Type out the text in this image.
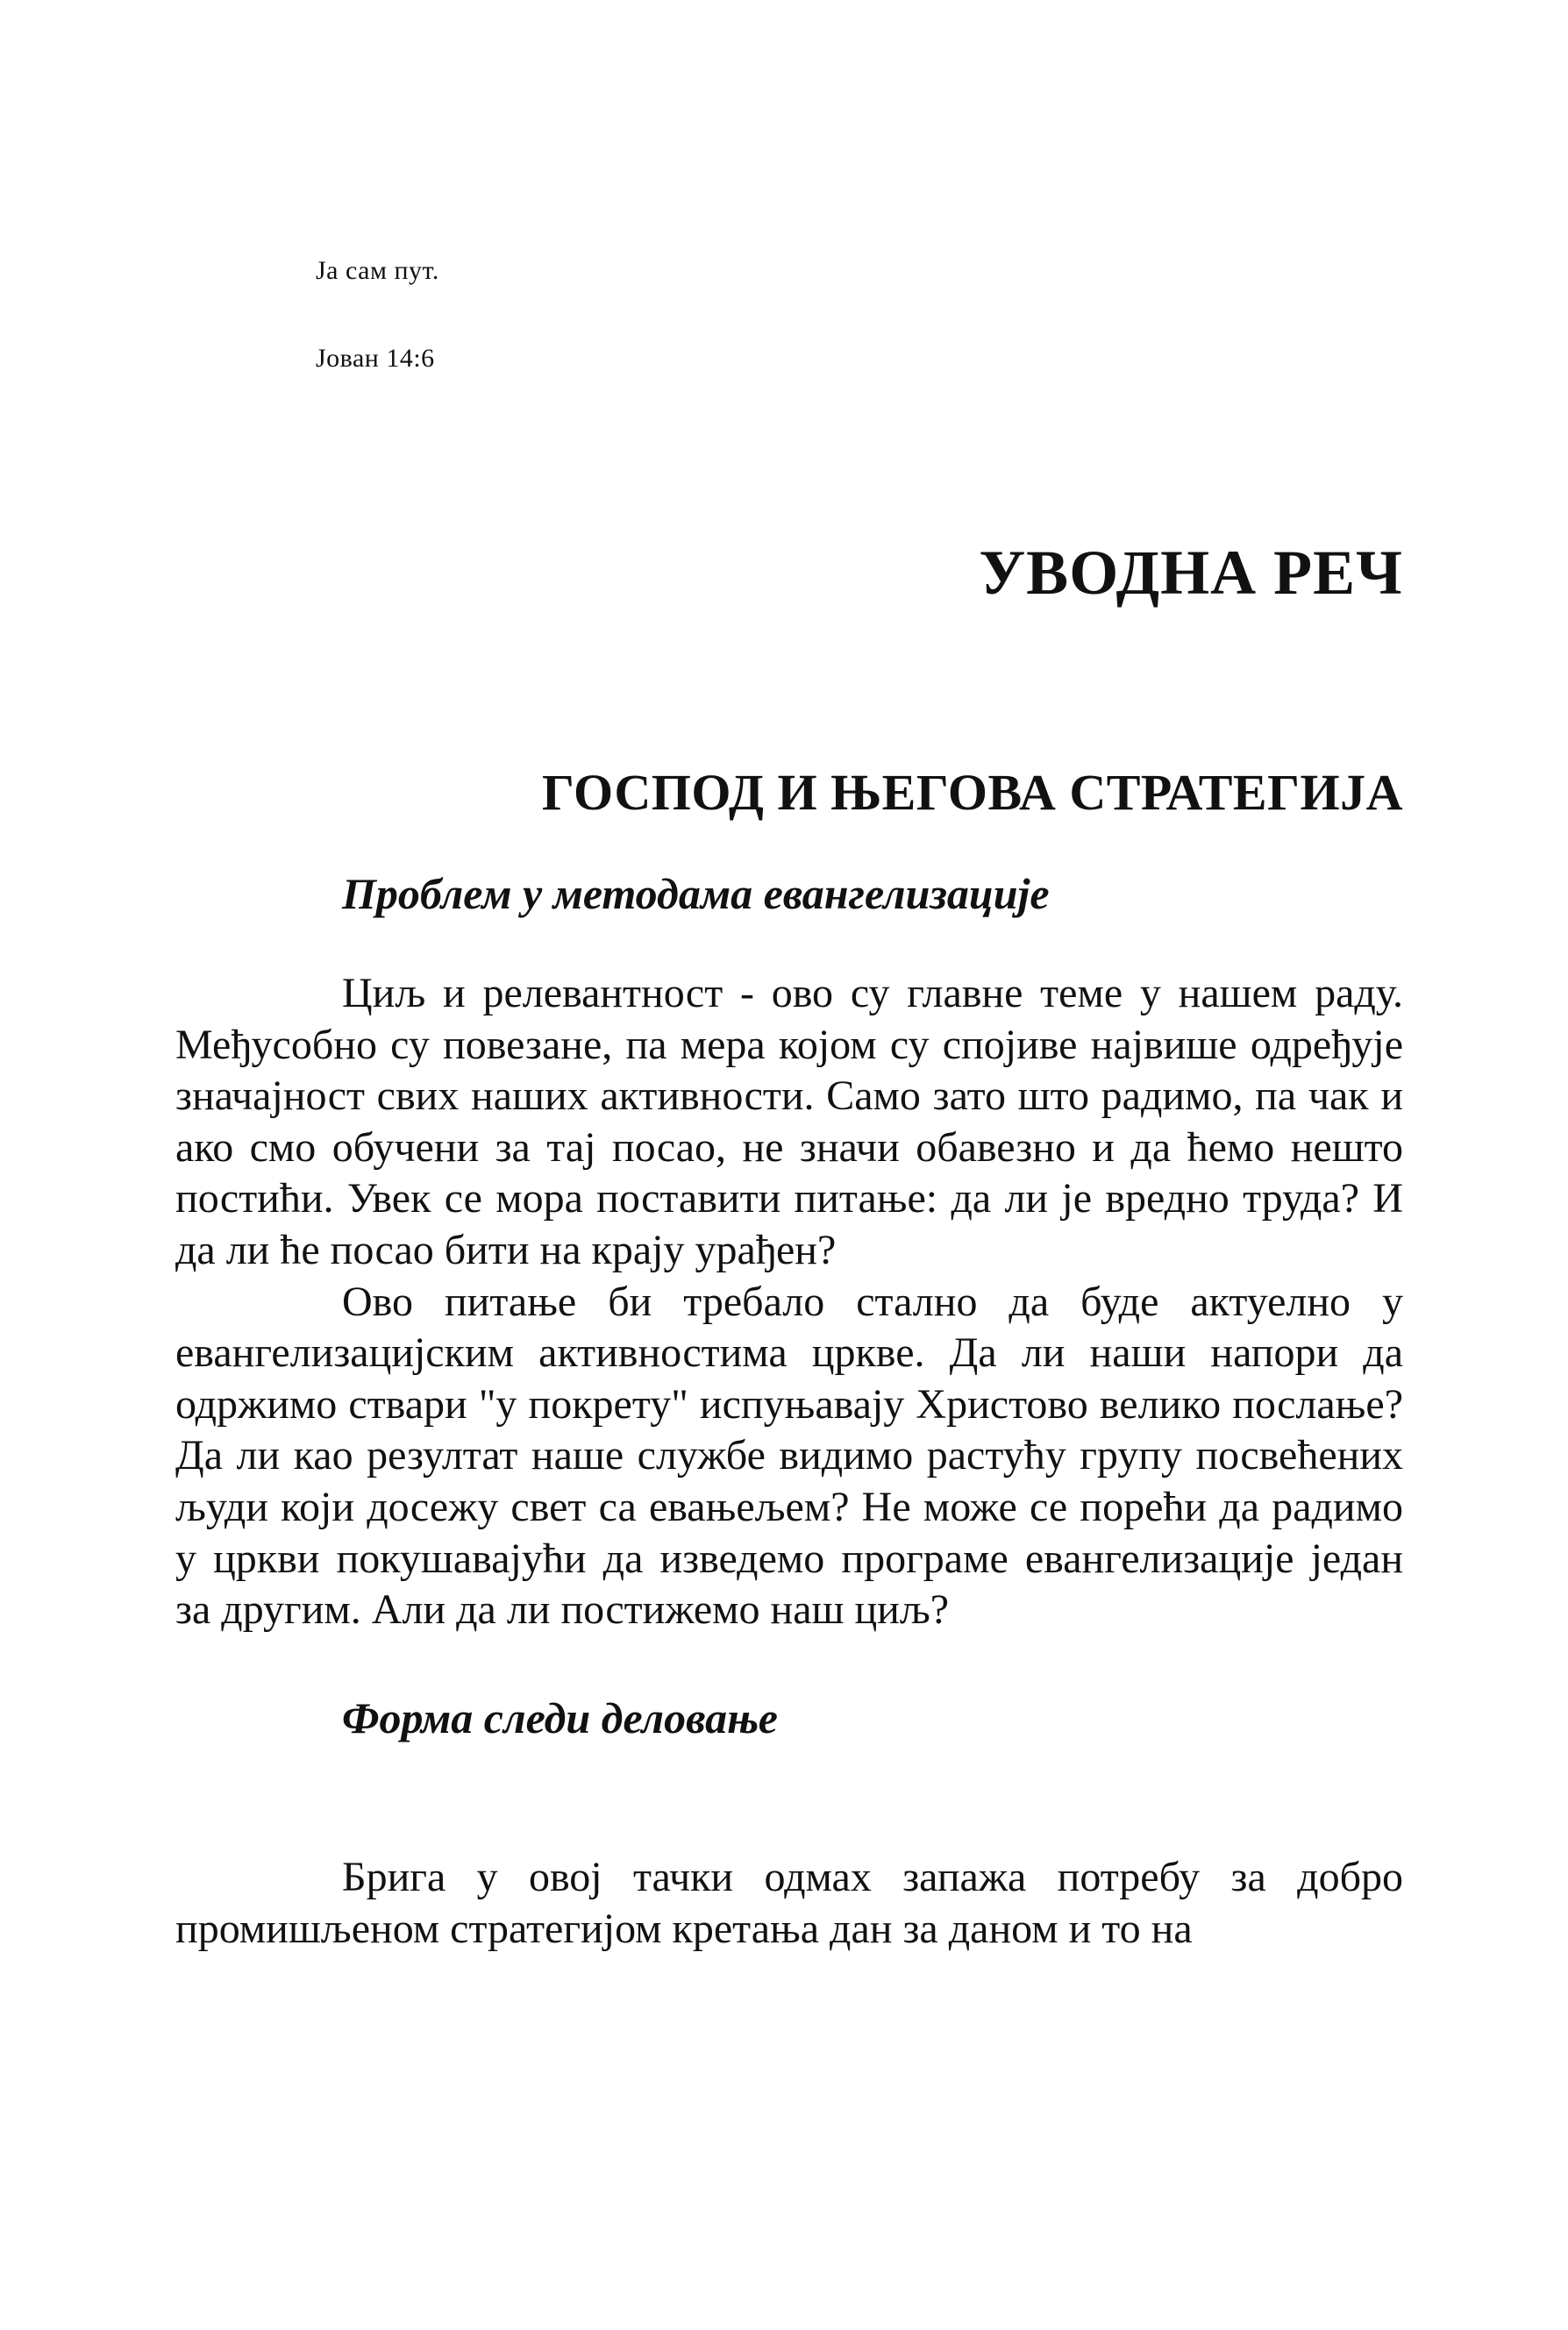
Ја сам пут.
Јован 14:6
УВОДНА РЕЧ
ГОСПОД И ЊЕГОВА СТРАТЕГИЈА
Проблем у методама евангелизације

Циљ и релевантност - ово су главне теме у нашем раду. Међусобно су повезане, па мера којом су спојиве највише одређује значајност свих наших активности. Само зато што радимо, па чак и ако смо обучени за тај посао, не значи обавезно и да ћемо нешто постићи. Увек се мора поставити питање: да ли је вредно труда? И да ли ће посао бити на крају урађен?

Ово питање би требало стално да буде актуелно у евангелизацијским активностима цркве. Да ли наши напори да одржимо ствари "у покрету" испуњавају Христово велико послање? Да ли као резултат наше службе видимо растућу групу посвећених људи који досежу свет са евањељем? Не може се порећи да радимо у цркви покушавајући да изведемо програме евангелизације један за другим. Али да ли постижемо наш циљ?

Форма следи деловање

Брига у овој тачки одмах запажа потребу за добро промишљеном стратегијом кретања дан за даном и то на
